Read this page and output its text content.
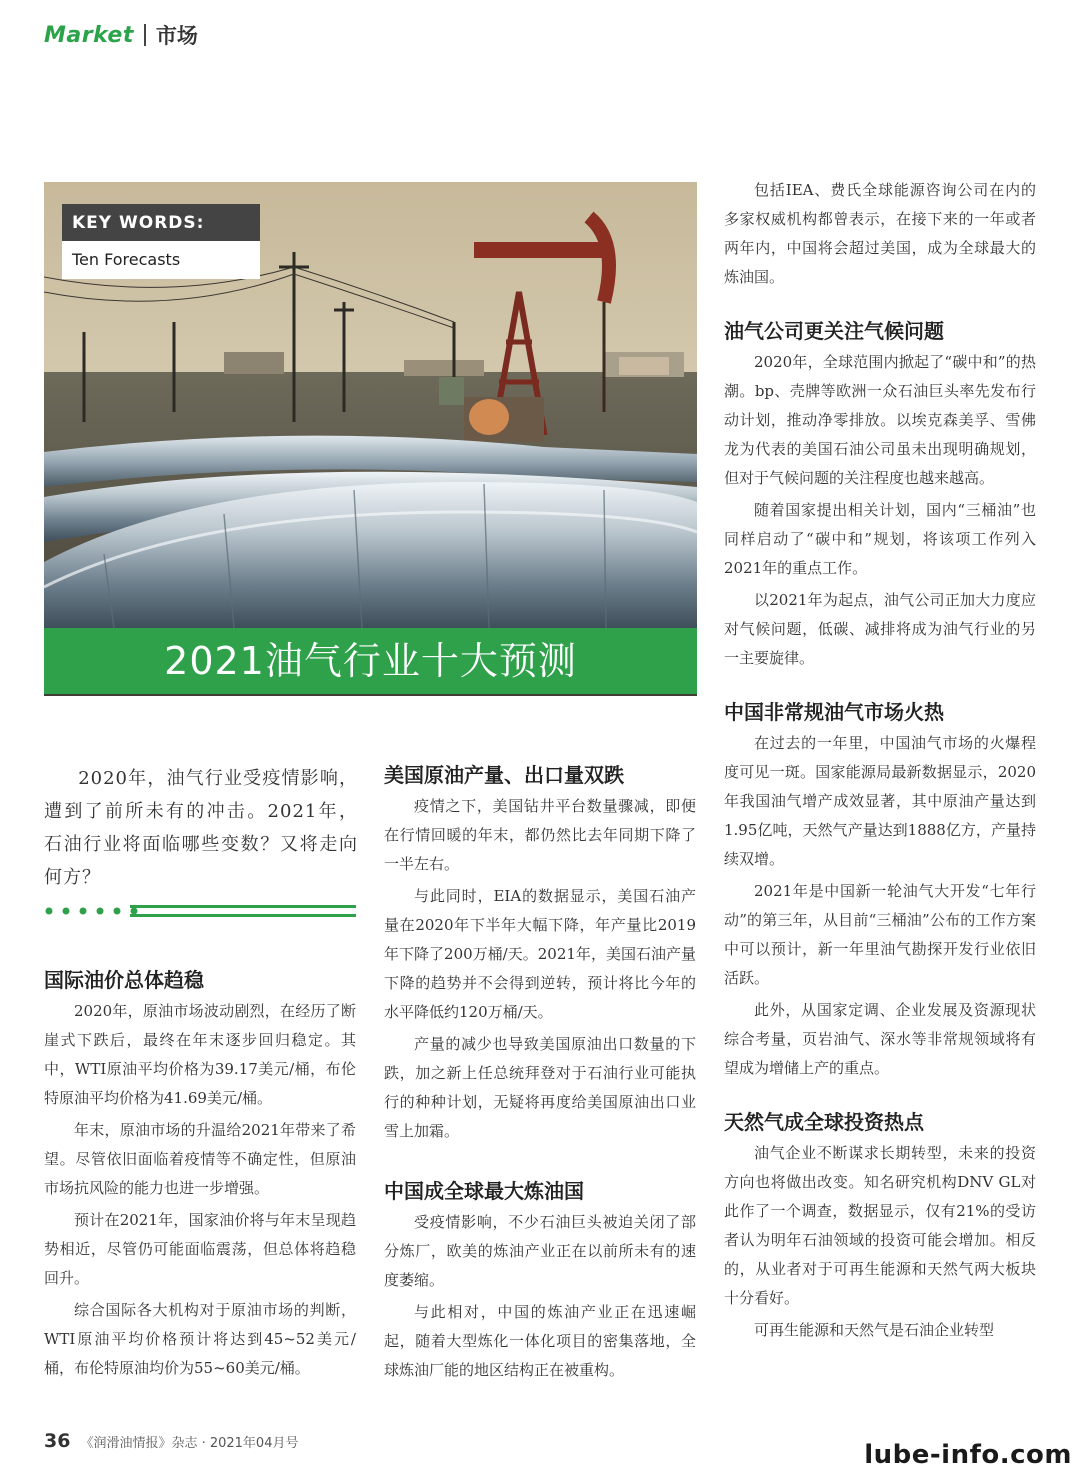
Market 市场
KEY WORDS:
Ten Forecasts
2021油气行业十大预测
2020年，油气行业受疫情影响，遭到了前所未有的冲击。2021年，石油行业将面临哪些变数？又将走向何方？
国际油价总体趋稳

2020年，原油市场波动剧烈，在经历了断崖式下跌后，最终在年末逐步回归稳定。其中，WTI原油平均价格为39.17美元/桶，布伦特原油平均价格为41.69美元/桶。

年末，原油市场的升温给2021年带来了希望。尽管依旧面临着疫情等不确定性，但原油市场抗风险的能力也进一步增强。

预计在2021年，国家油价将与年末呈现趋势相近，尽管仍可能面临震荡，但总体将趋稳回升。

综合国际各大机构对于原油市场的判断，WTI原油平均价格预计将达到45~52美元/桶，布伦特原油均价为55~60美元/桶。

美国原油产量、出口量双跌

疫情之下，美国钻井平台数量骤减，即便在行情回暖的年末，都仍然比去年同期下降了一半左右。

与此同时，EIA的数据显示，美国石油产量在2020年下半年大幅下降，年产量比2019年下降了200万桶/天。2021年，美国石油产量下降的趋势并不会得到逆转，预计将比今年的水平降低约120万桶/天。

产量的减少也导致美国原油出口数量的下跌，加之新上任总统拜登对于石油行业可能执行的种种计划，无疑将再度给美国原油出口业雪上加霜。

中国成全球最大炼油国

受疫情影响，不少石油巨头被迫关闭了部分炼厂，欧美的炼油产业正在以前所未有的速度萎缩。

与此相对，中国的炼油产业正在迅速崛起，随着大型炼化一体化项目的密集落地，全球炼油厂能的地区结构正在被重构。

包括IEA、费氏全球能源咨询公司在内的多家权威机构都曾表示，在接下来的一年或者两年内，中国将会超过美国，成为全球最大的炼油国。

油气公司更关注气候问题

2020年，全球范围内掀起了“碳中和”的热潮。bp、壳牌等欧洲一众石油巨头率先发布行动计划，推动净零排放。以埃克森美孚、雪佛龙为代表的美国石油公司虽未出现明确规划，但对于气候问题的关注程度也越来越高。

随着国家提出相关计划，国内“三桶油”也同样启动了“碳中和”规划，将该项工作列入2021年的重点工作。

以2021年为起点，油气公司正加大力度应对气候问题，低碳、减排将成为油气行业的另一主要旋律。

中国非常规油气市场火热

在过去的一年里，中国油气市场的火爆程度可见一斑。国家能源局最新数据显示，2020年我国油气增产成效显著，其中原油产量达到1.95亿吨，天然气产量达到1888亿方，产量持续双增。

2021年是中国新一轮油气大开发“七年行动”的第三年，从目前“三桶油”公布的工作方案中可以预计，新一年里油气勘探开发行业依旧活跃。

此外，从国家定调、企业发展及资源现状综合考量，页岩油气、深水等非常规领域将有望成为增储上产的重点。

天然气成全球投资热点

油气企业不断谋求长期转型，未来的投资方向也将做出改变。知名研究机构DNV GL对此作了一个调查，数据显示，仅有21%的受访者认为明年石油领域的投资可能会增加。相反的，从业者对于可再生能源和天然气两大板块十分看好。

可再生能源和天然气是石油企业转型

36 《润滑油情报》杂志 · 2021年04月号	lube-info.com
